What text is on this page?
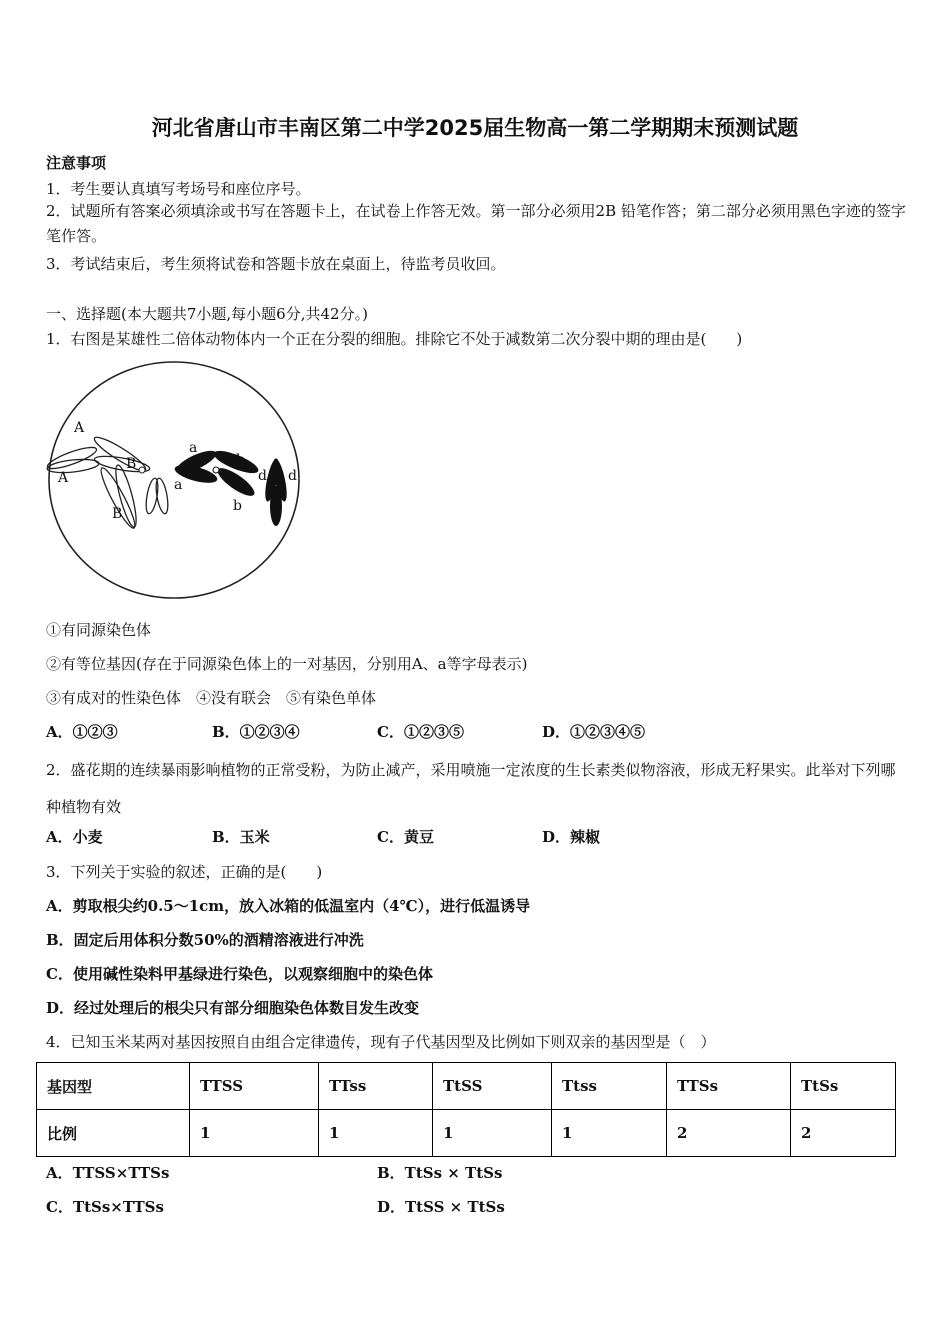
河北省唐山市丰南区第二中学2025届生物高一第二学期期末预测试题
注意事项
1．考生要认真填写考场号和座位序号。
2．试题所有答案必须填涂或书写在答题卡上，在试卷上作答无效。第一部分必须用2B 铅笔作答；第二部分必须用黑色字迹的签字笔作答。
3．考试结束后，考生须将试卷和答题卡放在桌面上，待监考员收回。
一、选择题(本大题共7小题,每小题6分,共42分。)
1．右图是某雄性二倍体动物体内一个正在分裂的细胞。排除它不处于减数第二次分裂中期的理由是(　　)
A
A
B
B
a
a
b
b
d d
①有同源染色体
②有等位基因(存在于同源染色体上的一对基因，分别用A、a等字母表示)
③有成对的性染色体　④没有联会　⑤有染色单体
A．①②③	B．①②③④	C．①②③⑤	D．①②③④⑤
2．盛花期的连续暴雨影响植物的正常受粉，为防止减产，采用喷施一定浓度的生长素类似物溶液，形成无籽果实。此举对下列哪种植物有效
A．小麦	B．玉米	C．黄豆	D．辣椒
3．下列关于实验的叙述，正确的是(　　)
A．剪取根尖约0.5～1cm，放入冰箱的低温室内（4℃），进行低温诱导
B．固定后用体积分数50%的酒精溶液进行冲洗
C．使用碱性染料甲基绿进行染色，以观察细胞中的染色体
D．经过处理后的根尖只有部分细胞染色体数目发生改变
4．已知玉米某两对基因按照自由组合定律遗传，现有子代基因型及比例如下则双亲的基因型是（　）
基因型	TTSS	TTss	TtSS	Ttss	TTSs	TtSs
比例	1	1	1	1	2	2
A．TTSS×TTSs	B．TtSs × TtSs
C．TtSs×TTSs	D．TtSS × TtSs
